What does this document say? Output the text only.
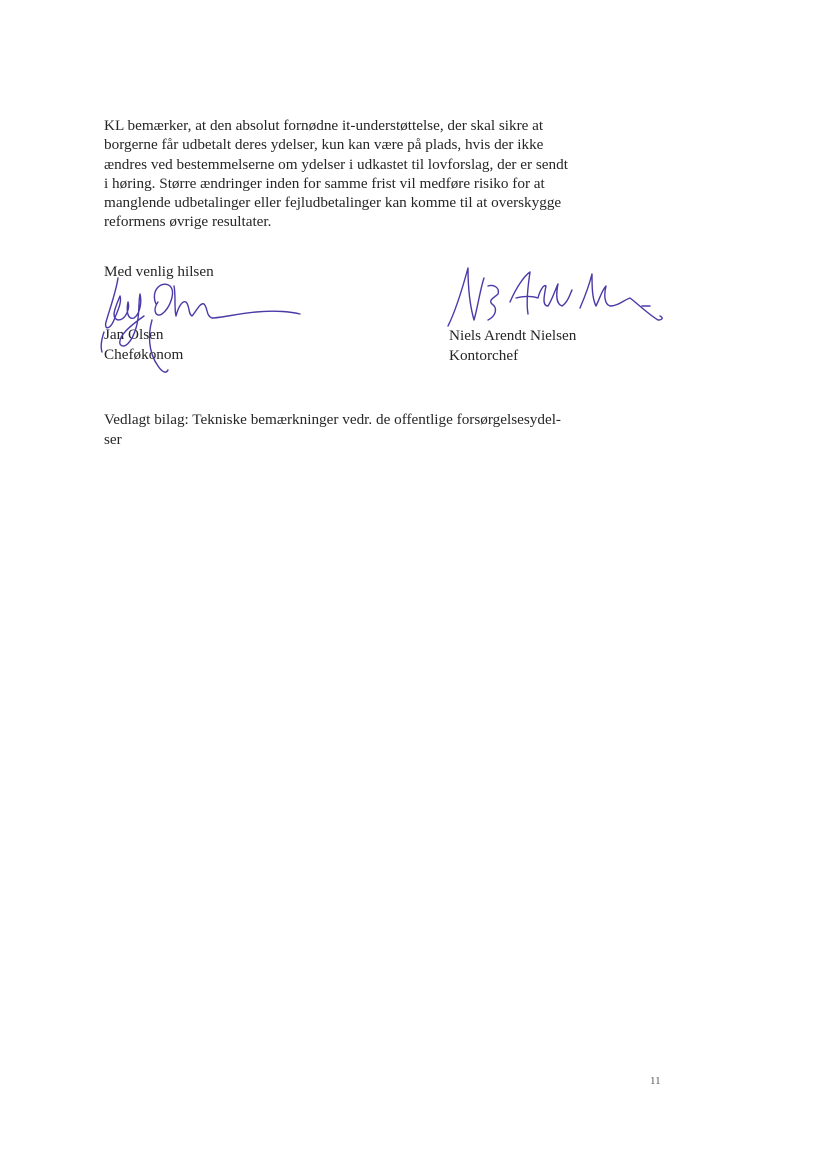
KL bemærker, at den absolut fornødne it-understøttelse, der skal sikre at
borgerne får udbetalt deres ydelser, kun kan være på plads, hvis der ikke
ændres ved bestemmelserne om ydelser i udkastet til lovforslag, der er sendt
i høring. Større ændringer inden for samme frist vil medføre risiko for at
manglende udbetalinger eller fejludbetalinger kan komme til at overskygge
reformens øvrige resultater.

Med venlig hilsen
Jan Olsen
Cheføkonom
Niels Arendt Nielsen
Kontorchef
Vedlagt bilag: Tekniske bemærkninger vedr. de offentlige forsørgelsesydel-
ser
11
